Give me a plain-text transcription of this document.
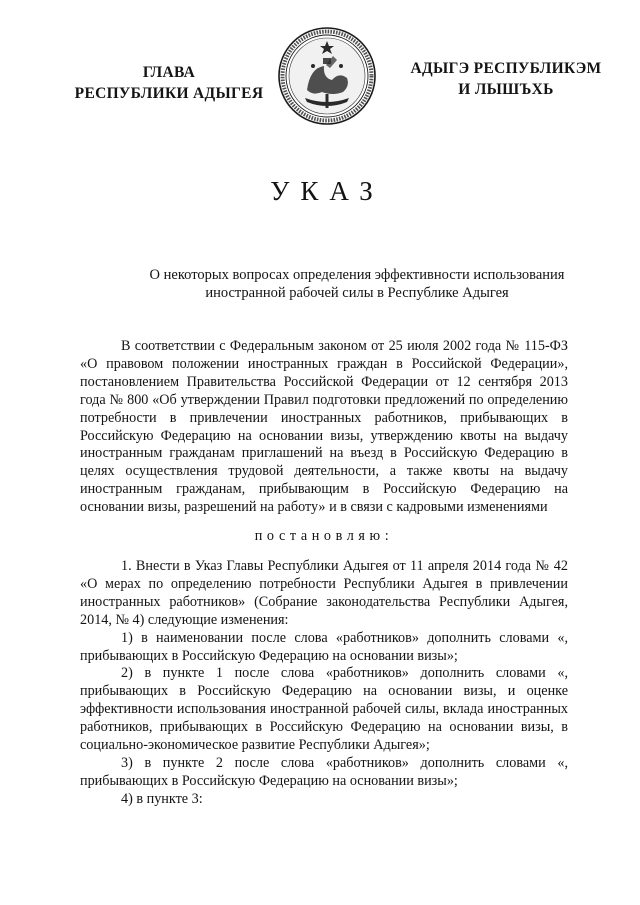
ГЛАВА
РЕСПУБЛИКИ АДЫГЕЯ
АДЫГЭ РЕСПУБЛИКЭМ
И ЛЫШЪХЬ
УКАЗ
О некоторых вопросах определения эффективности использования
иностранной рабочей силы в Республике Адыгея

В соответствии с Федеральным законом от 25 июля 2002 года № 115-ФЗ «О правовом положении иностранных граждан в Российской Федерации», постановлением Правительства Российской Федерации от 12 сентября 2013 года № 800 «Об утверждении Правил подготовки предложений по определению потребности в привлечении иностранных работников, прибывающих в Российскую Федерацию на основании визы, утверждению квоты на выдачу иностранным гражданам приглашений на въезд в Российскую Федерацию в целях осуществления трудовой деятельности, а также квоты на выдачу иностранным гражданам, прибывающим в Российскую Федерацию на основании визы, разрешений на работу» и в связи с кадровыми изменениями

постановляю:

1. Внести в Указ Главы Республики Адыгея от 11 апреля 2014 года № 42 «О мерах по определению потребности Республики Адыгея в привлечении иностранных работников» (Собрание законодательства Республики Адыгея, 2014, № 4) следующие изменения:

1) в наименовании после слова «работников» дополнить словами «, прибывающих в Российскую Федерацию на основании визы»;

2) в пункте 1 после слова «работников» дополнить словами «, прибывающих в Российскую Федерацию на основании визы, и оценке эффективности использования иностранной рабочей силы, вклада иностранных работников, прибывающих в Российскую Федерацию на основании визы, в социально-экономическое развитие Республики Адыгея»;

3) в пункте 2 после слова «работников» дополнить словами «, прибывающих в Российскую Федерацию на основании визы»;

4) в пункте 3:
